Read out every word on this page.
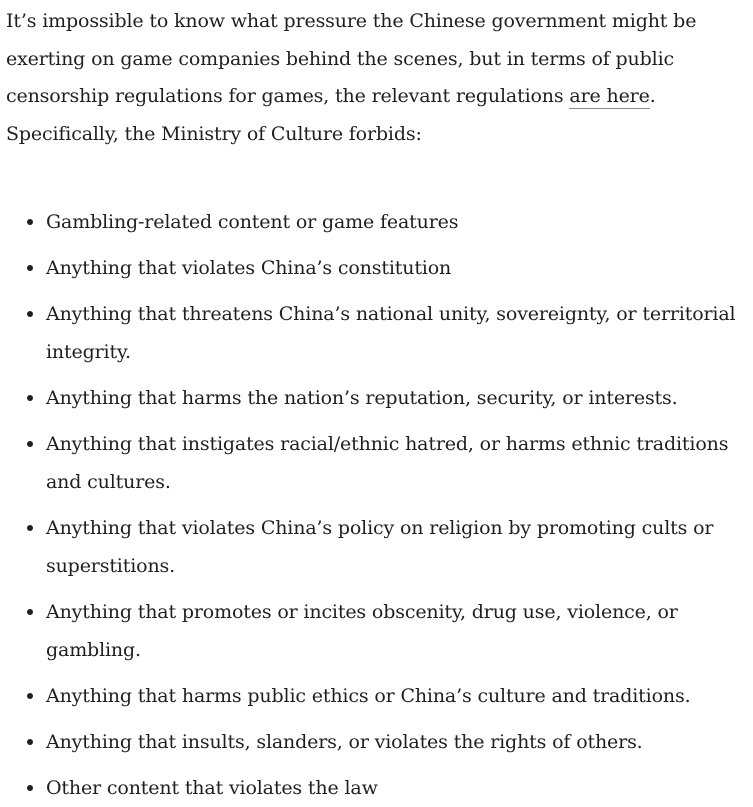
It’s impossible to know what pressure the Chinese government might be exerting on game companies behind the scenes, but in terms of public censorship regulations for games, the relevant regulations are here. Specifically, the Ministry of Culture forbids:

Gambling-related content or game features
Anything that violates China’s constitution
Anything that threatens China’s national unity, sovereignty, or territorial integrity.
Anything that harms the nation’s reputation, security, or interests.
Anything that instigates racial/ethnic hatred, or harms ethnic traditions and cultures.
Anything that violates China’s policy on religion by promoting cults or superstitions.
Anything that promotes or incites obscenity, drug use, violence, or gambling.
Anything that harms public ethics or China’s culture and traditions.
Anything that insults, slanders, or violates the rights of others.
Other content that violates the law
